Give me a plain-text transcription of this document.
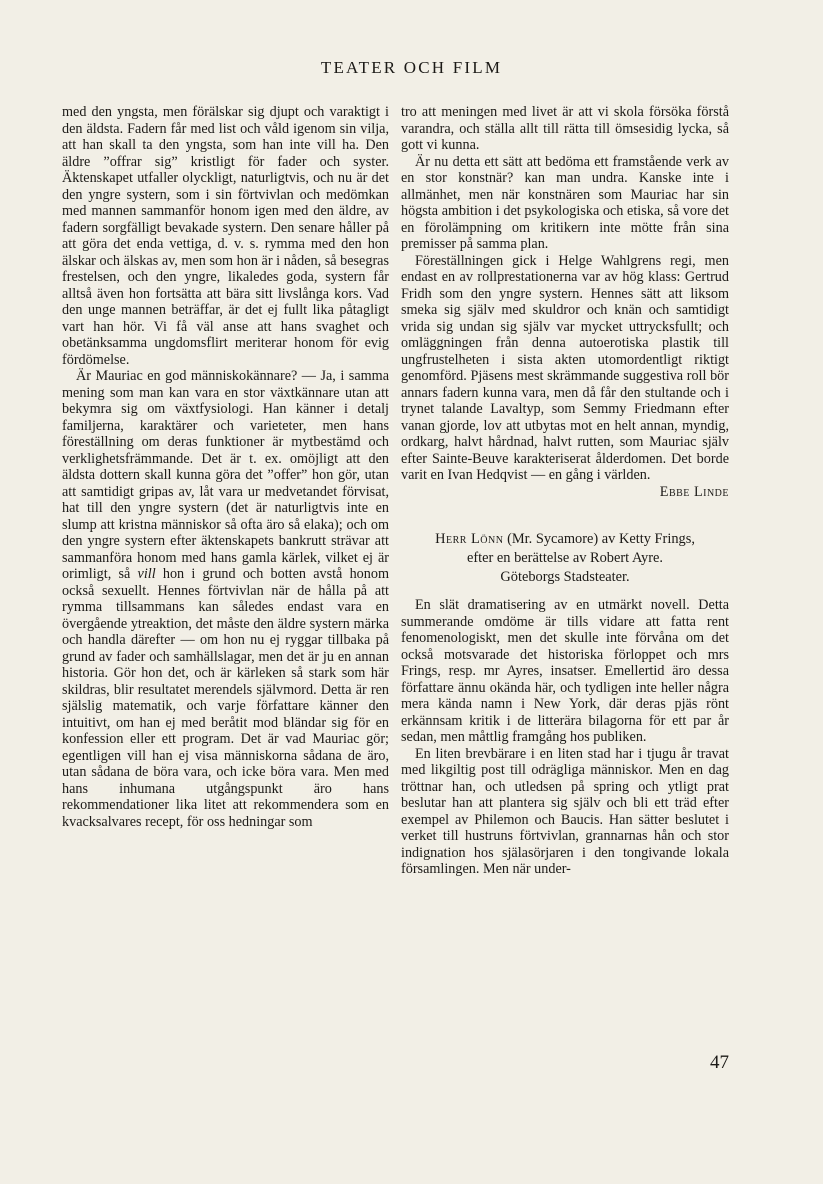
TEATER OCH FILM

med den yngsta, men förälskar sig djupt och varaktigt i den äldsta. Fadern får med list och våld igenom sin vilja, att han skall ta den yngsta, som han inte vill ha. Den äldre ”offrar sig” kristligt för fader och syster. Äktenskapet utfaller olyckligt, naturligtvis, och nu är det den yngre systern, som i sin förtvivlan och medömkan med mannen sammanför honom igen med den äldre, av fadern sorgfälligt bevakade systern. Den senare håller på att göra det enda vettiga, d. v. s. rymma med den hon älskar och älskas av, men som hon är i nåden, så besegras frestelsen, och den yngre, likaledes goda, systern får alltså även hon fortsätta att bära sitt livslånga kors. Vad den unge mannen beträffar, är det ej fullt lika påtagligt vart han hör. Vi få väl anse att hans svaghet och obetänksamma ungdomsflirt meriterar honom för evig fördömelse.

Är Mauriac en god människokännare? — Ja, i samma mening som man kan vara en stor växtkännare utan att bekymra sig om växtfysiologi. Han känner i detalj familjerna, karaktärer och varieteter, men hans föreställning om deras funktioner är mytbestämd och verklighetsfrämmande. Det är t. ex. omöjligt att den äldsta dottern skall kunna göra det ”offer” hon gör, utan att samtidigt gripas av, låt vara ur medvetandet förvisat, hat till den yngre systern (det är naturligtvis inte en slump att kristna människor så ofta äro så elaka); och om den yngre systern efter äktenskapets bankrutt strävar att sammanföra honom med hans gamla kärlek, vilket ej är orimligt, så vill hon i grund och botten avstå honom också sexuellt. Hennes förtvivlan när de hålla på att rymma tillsammans kan således endast vara en övergående ytreaktion, det måste den äldre systern märka och handla därefter — om hon nu ej ryggar tillbaka på grund av fader och samhällslagar, men det är ju en annan historia. Gör hon det, och är kärleken så stark som här skildras, blir resultatet merendels självmord. Detta är ren själslig matematik, och varje författare känner den intuitivt, om han ej med beråtit mod bländar sig för en konfession eller ett program. Det är vad Mauriac gör; egentligen vill han ej visa människorna sådana de äro, utan sådana de böra vara, och icke böra vara. Men med hans inhumana utgångspunkt äro hans rekommendationer lika litet att rekommendera som en kvacksalvares recept, för oss hedningar som

tro att meningen med livet är att vi skola försöka förstå varandra, och ställa allt till rätta till ömsesidig lycka, så gott vi kunna.

Är nu detta ett sätt att bedöma ett framstående verk av en stor konstnär? kan man undra. Kanske inte i allmänhet, men när konstnären som Mauriac har sin högsta ambition i det psykologiska och etiska, så vore det en förolämpning om kritikern inte mötte från sina premisser på samma plan.

Föreställningen gick i Helge Wahlgrens regi, men endast en av rollprestationerna var av hög klass: Gertrud Fridh som den yngre systern. Hennes sätt att liksom smeka sig själv med skuldror och knän och samtidigt vrida sig undan sig själv var mycket uttrycksfullt; och omläggningen från denna autoerotiska plastik till ungfrustelheten i sista akten utomordentligt riktigt genomförd. Pjäsens mest skrämmande suggestiva roll bör annars fadern kunna vara, men då får den stultande och i trynet talande Lavaltyp, som Semmy Friedmann efter vanan gjorde, lov att utbytas mot en helt annan, myndig, ordkarg, halvt hårdnad, halvt rutten, som Mauriac själv efter Sainte-Beuve karakteriserat ålderdomen. Det borde varit en Ivan Hedqvist — en gång i världen.

Ebbe Linde
Herr Lönn (Mr. Sycamore) av Ketty Frings,
efter en berättelse av Robert Ayre.
Göteborgs Stadsteater.

En slät dramatisering av en utmärkt novell. Detta summerande omdöme är tills vidare att fatta rent fenomenologiskt, men det skulle inte förvåna om det också motsvarade det historiska förloppet och mrs Frings, resp. mr Ayres, insatser. Emellertid äro dessa författare ännu okända här, och tydligen inte heller några mera kända namn i New York, där deras pjäs rönt erkännsam kritik i de litterära bilagorna för ett par år sedan, men måttlig framgång hos publiken.

En liten brevbärare i en liten stad har i tjugu år travat med likgiltig post till odrägliga människor. Men en dag tröttnar han, och utledsen på spring och ytligt prat beslutar han att plantera sig själv och bli ett träd efter exempel av Philemon och Baucis. Han sätter beslutet i verket till hustruns förtvivlan, grannarnas hån och stor indignation hos själasörjaren i den tongivande lokala församlingen. Men när under-

47
